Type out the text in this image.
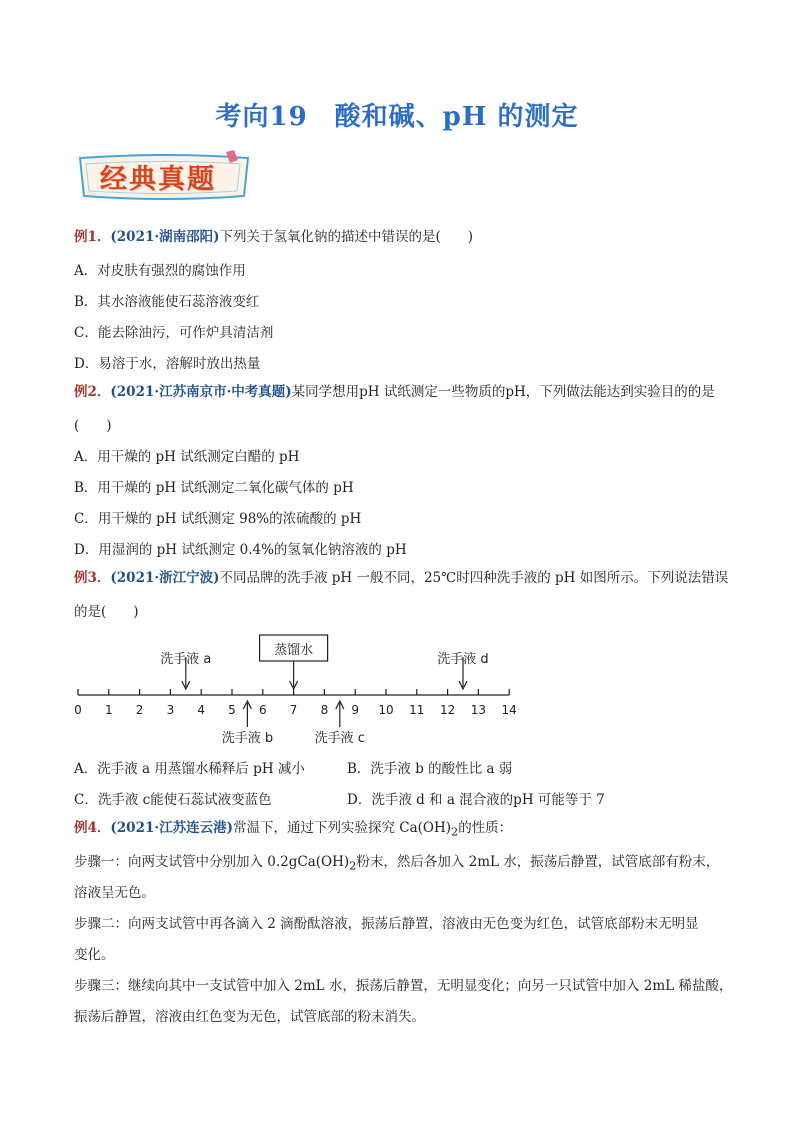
考向19　酸和碱、pH 的测定
经典真题
例1．(2021·湖南邵阳)下列关于氢氧化钠的描述中错误的是(　　)
A．对皮肤有强烈的腐蚀作用
B．其水溶液能使石蕊溶液变红
C．能去除油污，可作炉具清洁剂
D．易溶于水，溶解时放出热量
例2．(2021·江苏南京市·中考真题)某同学想用pH 试纸测定一些物质的pH，下列做法能达到实验目的的是
(　　)
A．用干燥的 pH 试纸测定白醋的 pH
B．用干燥的 pH 试纸测定二氧化碳气体的 pH
C．用干燥的 pH 试纸测定 98%的浓硫酸的 pH
D．用湿润的 pH 试纸测定 0.4%的氢氧化钠溶液的 pH
例3．(2021·浙江宁波)不同品牌的洗手液 pH 一般不同，25℃时四种洗手液的 pH 如图所示。下列说法错误
的是(　　)
0 1 2 3 4 5 6 7 8 9 10 11 12 13 14
洗手液 a
蒸馏水
洗手液 d
洗手液 b	洗手液 c
A．洗手液 a 用蒸馏水稀释后 pH 减小	B．洗手液 b 的酸性比 a 弱
C．洗手液 c能使石蕊试液变蓝色	D．洗手液 d 和 a 混合液的pH 可能等于 7
例4．(2021·江苏连云港)常温下，通过下列实验探究 $Ca(OH)_2$的性质：
步骤一：向两支试管中分别加入 $0.2gCa(OH)_2$粉末，然后各加入 2mL 水，振荡后静置，试管底部有粉末，
溶液呈无色。
步骤二：向两支试管中再各滴入 2 滴酚酞溶液，振荡后静置，溶液由无色变为红色，试管底部粉末无明显
变化。
步骤三：继续向其中一支试管中加入 2mL 水，振荡后静置，无明显变化；向另一只试管中加入 2mL 稀盐酸，
振荡后静置，溶液由红色变为无色，试管底部的粉末消失。
